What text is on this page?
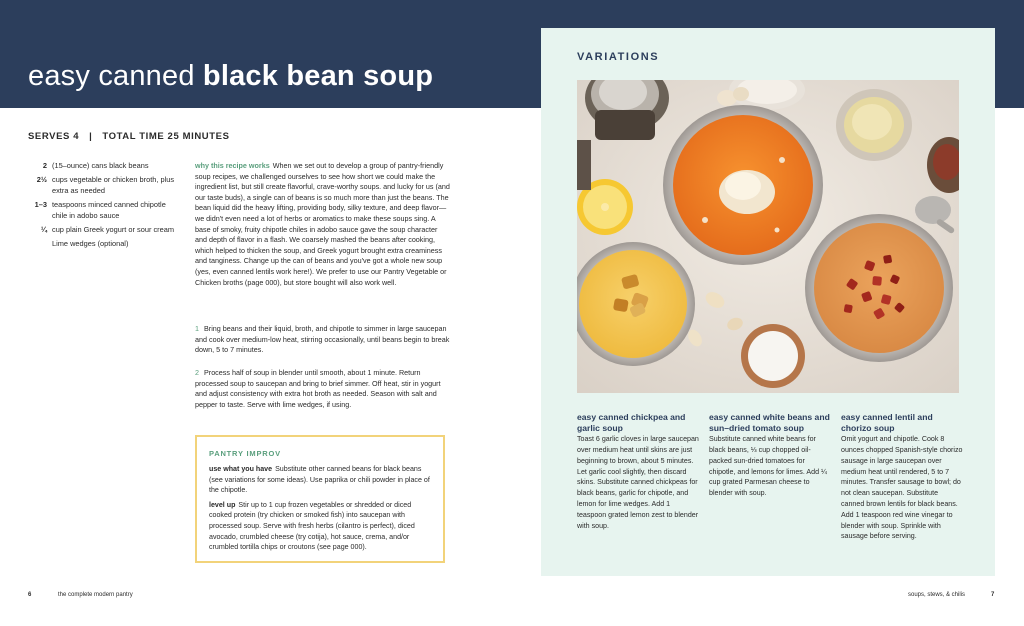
easy canned black bean soup
SERVES 4 | TOTAL TIME 25 MINUTES
2 (15–ounce) cans black beans
2½ cups vegetable or chicken broth, plus extra as needed
1–3 teaspoons minced canned chipotle chile in adobo sauce
¼ cup plain Greek yogurt or sour cream
Lime wedges (optional)
why this recipe works When we set out to develop a group of pantry-friendly soup recipes, we challenged ourselves to see how short we could make the ingredient list, but still create flavorful, crave-worthy soups. and lucky for us (and our taste buds), a single can of beans is so much more than just the beans. The bean liquid did the heavy lifting, providing body, silky texture, and deep flavor—we didn't even need a lot of herbs or aromatics to make these soups sing. A base of smoky, fruity chipotle chiles in adobo sauce gave the soup character and depth of flavor in a flash. We coarsely mashed the beans after cooking, which helped to thicken the soup, and Greek yogurt brought extra creaminess and tanginess. Change up the can of beans and you've got a whole new soup (yes, even canned lentils work here!). We prefer to use our Pantry Vegetable or Chicken broths (page 000), but store bought will also work well.
1 Bring beans and their liquid, broth, and chipotle to simmer in large saucepan and cook over medium-low heat, stirring occasionally, until beans begin to break down, 5 to 7 minutes.
2 Process half of soup in blender until smooth, about 1 minute. Return processed soup to saucepan and bring to brief simmer. Off heat, stir in yogurt and adjust consistency with extra hot broth as needed. Season with salt and pepper to taste. Serve with lime wedges, if using.
PANTRY IMPROV
use what you have Substitute other canned beans for black beans (see variations for some ideas). Use paprika or chili powder in place of the chipotle.
level up Stir up to 1 cup frozen vegetables or shredded or diced cooked protein (try chicken or smoked fish) into saucepan with processed soup. Serve with fresh herbs (cilantro is perfect), diced avocado, crumbled cheese (try cotija), hot sauce, crema, and/or crumbled tortilla chips or croutons (see page 000).
VARIATIONS
easy canned chickpea and garlic soup
Toast 6 garlic cloves in large saucepan over medium heat until skins are just beginning to brown, about 5 minutes. Let garlic cool slightly, then discard skins. Substitute canned chickpeas for black beans, garlic for chipotle, and lemon for lime wedges. Add 1 teaspoon grated lemon zest to blender with soup.
easy canned white beans and sun–dried tomato soup
Substitute canned white beans for black beans, ⅓ cup chopped oil-packed sun-dried tomatoes for chipotle, and lemons for limes. Add ¼ cup grated Parmesan cheese to blender with soup.
easy canned lentil and chorizo soup
Omit yogurt and chipotle. Cook 8 ounces chopped Spanish-style chorizo sausage in large saucepan over medium heat until rendered, 5 to 7 minutes. Transfer sausage to bowl; do not clean saucepan. Substitute canned brown lentils for black beans. Add 1 teaspoon red wine vinegar to blender with soup. Sprinkle with sausage before serving.
6	the complete modern pantry	soups, stews, & chilis	7
